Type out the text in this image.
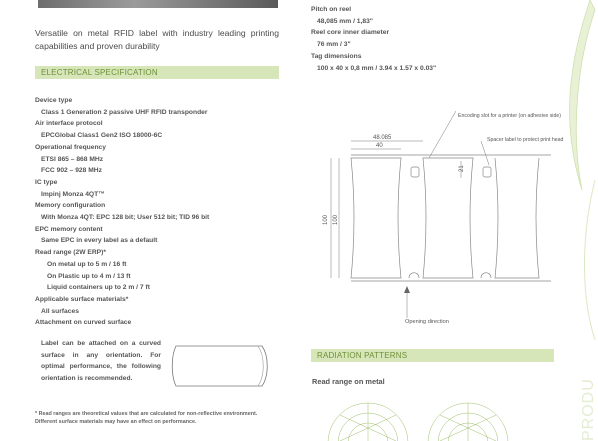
Versatile on metal RFID label with industry leading printing capabilities and proven durability
ELECTRICAL SPECIFICATION
Device type
Class 1 Generation 2 passive UHF RFID transponder
Air interface protocol
EPCGlobal Class1 Gen2 ISO 18000-6C
Operational frequency
ETSI 865 – 868 MHz
FCC 902 – 928 MHz
IC type
Impinj Monza 4QT™
Memory configuration
With Monza 4QT: EPC 128 bit; User 512 bit; TID 96 bit
EPC memory content
Same EPC in every label as a default
Read range (2W ERP)*
On metal up to 5 m / 16 ft
On Plastic up to 4 m / 13 ft
Liquid containers up to 2 m / 7 ft
Applicable surface materials*
All surfaces
Attachment on curved surface
Label can be attached on a curved surface in any orientation. For optimal performance, the following orientation is recommended.
* Read ranges are theoretical values that are calculated for non-reflective environment. Different surface materials may have an effect on performance.
Pitch on reel
48,085 mm / 1,83"
Reel core inner diameter
76 mm / 3"
Tag dimensions
100 x 40 x 0,8 mm / 3.94 x 1.57 x 0.03"
48.085
40
21
100 100
Encoding slot for a printer (on adhesive side)
Spacer label to protect print head
Opening direction
RADIATION PATTERNS
Read range on metal	PRODU
